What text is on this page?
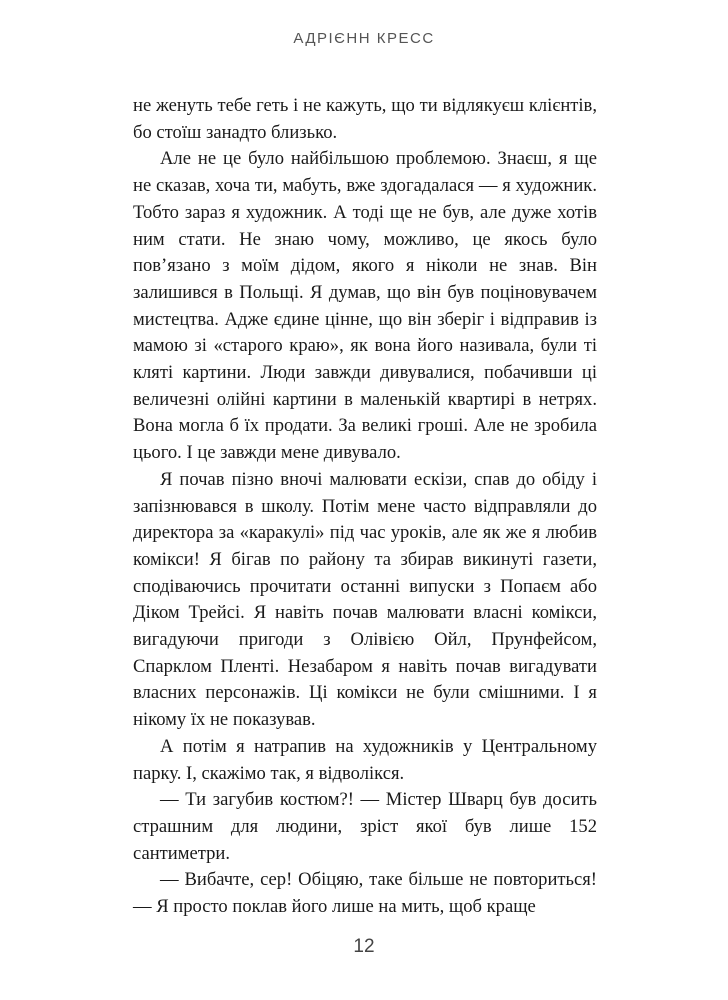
АДРІЄНН КРЕСС

не женуть тебе геть і не кажуть, що ти відлякуєш клієнтів, бо стоїш занадто близько.

Але не це було найбільшою проблемою. Знаєш, я ще не сказав, хоча ти, мабуть, вже здогадалася — я художник. Тобто зараз я художник. А тоді ще не був, але дуже хотів ним стати. Не знаю чому, можливо, це якось було пов’язано з моїм дідом, якого я ніколи не знав. Він залишився в Польщі. Я думав, що він був поціновувачем мистецтва. Адже єдине цінне, що він зберіг і відправив із мамою зі «старого краю», як вона його називала, були ті кляті картини. Люди завжди дивувалися, побачивши ці величезні олійні картини в маленькій квартирі в нетрях. Вона могла б їх продати. За великі гроші. Але не зробила цього. І це завжди мене дивувало.

Я почав пізно вночі малювати ескізи, спав до обіду і запізнювався в школу. Потім мене часто відправляли до директора за «каракулі» під час уроків, але як же я любив комікси! Я бігав по району та збирав викинуті газети, сподіваючись прочитати останні випуски з Попаєм або Діком Трейсі. Я навіть почав малювати власні комікси, вигадуючи пригоди з Олівією Ойл, Прунфейсом, Спарклом Пленті. Незабаром я навіть почав вигадувати власних персонажів. Ці комікси не були смішними. І я нікому їх не показував.

А потім я натрапив на художників у Центральному парку. І, скажімо так, я відволікся.

— Ти загубив костюм?! — Містер Шварц був досить страшним для людини, зріст якої був лише 152 сантиметри.

— Вибачте, сер! Обіцяю, таке більше не повториться! — Я просто поклав його лише на мить, щоб краще

12
